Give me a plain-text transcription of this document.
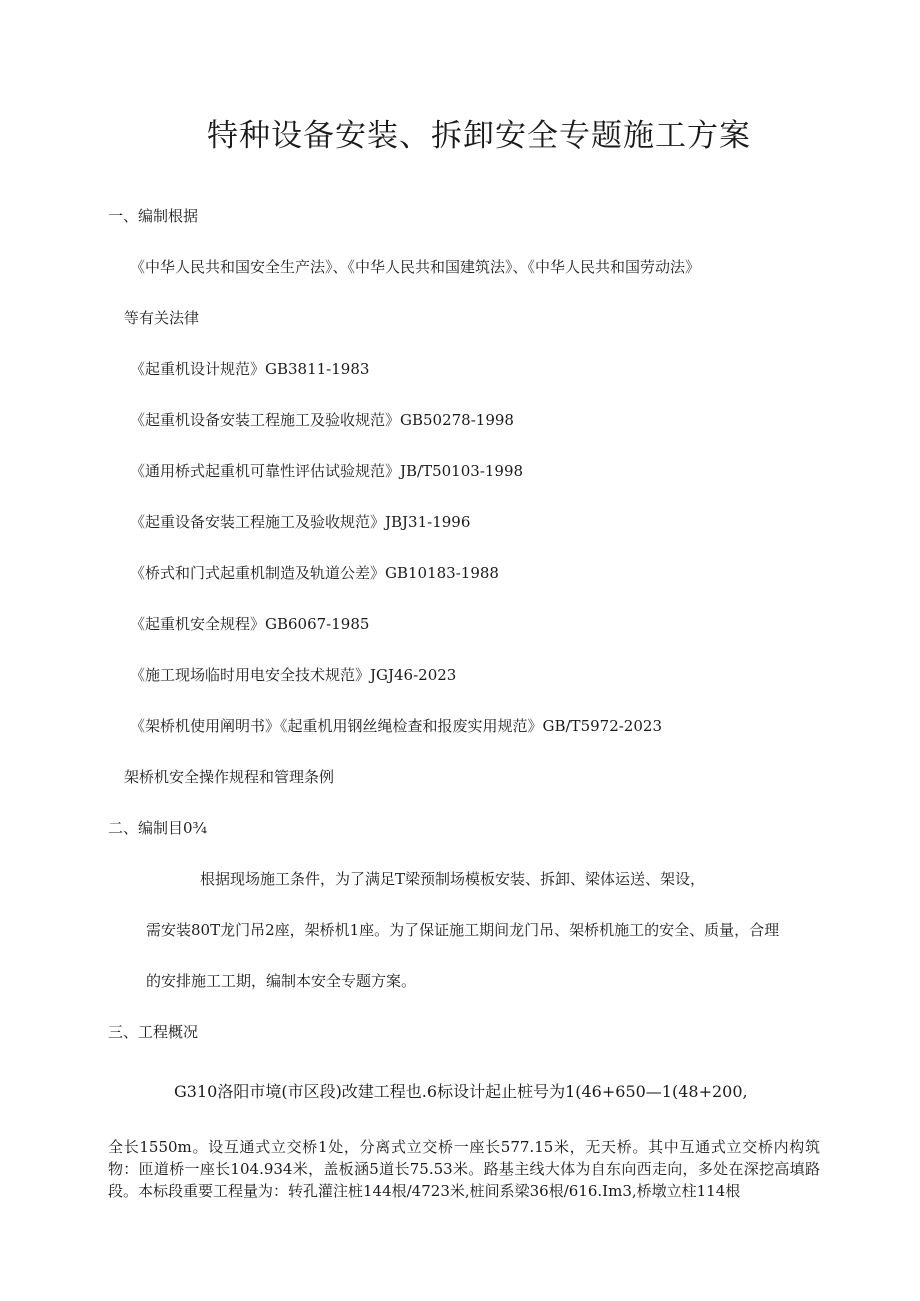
特种设备安装、拆卸安全专题施工方案
一、编制根据
《中华人民共和国安全生产法》、《中华人民共和国建筑法》、《中华人民共和国劳动法》
等有关法律
《起重机设计规范》GB3811-1983
《起重机设备安装工程施工及验收规范》GB50278-1998
《通用桥式起重机可靠性评估试验规范》JB/T50103-1998
《起重设备安装工程施工及验收规范》JBJ31-1996
《桥式和门式起重机制造及轨道公差》GB10183-1988
《起重机安全规程》GB6067-1985
《施工现场临时用电安全技术规范》JGJ46-2023
《架桥机使用阐明书》《起重机用钢丝绳检查和报废实用规范》GB/T5972-2023
架桥机安全操作规程和管理条例
二、编制目0¾
根据现场施工条件，为了满足T梁预制场模板安装、拆卸、梁体运送、架设，
需安装80T龙门吊2座，架桥机1座。为了保证施工期间龙门吊、架桥机施工的安全、质量，合理
的安排施工工期，编制本安全专题方案。
三、工程概况
G310洛阳市境(市区段)改建工程也.6标设计起止桩号为1(46+650—1(48+200,
全长1550m。设互通式立交桥1处，分离式立交桥一座长577.15米，无天桥。其中互通式立交桥内构筑物：匝道桥一座长104.934米，盖板涵5道长75.53米。路基主线大体为自东向西走向，多处在深挖高填路段。本标段重要工程量为：转孔灌注桩144根/4723米,桩间系梁36根/616.Im3,桥墩立柱114根
